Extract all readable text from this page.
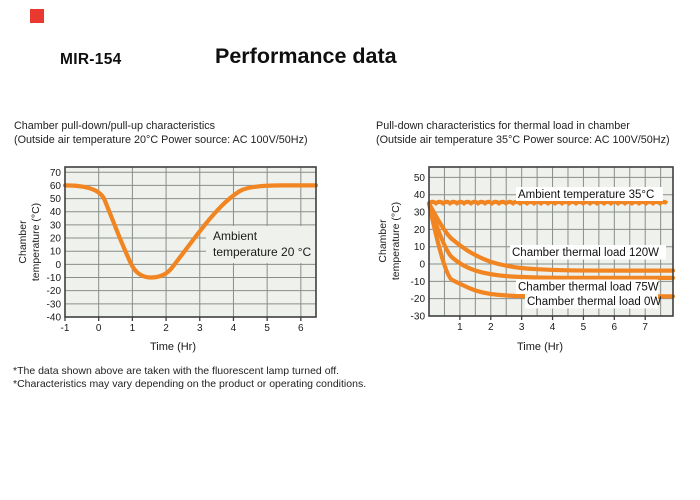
MIR-154	Performance data
Chamber pull-down/pull-up characteristics
(Outside air temperature 20°C Power source: AC 100V/50Hz)
Pull-down characteristics for thermal load in chamber
(Outside air temperature 35°C Power source: AC 100V/50Hz)
Ambient
temperature 20 °C
-1	0	1	2	3	4	5	6
70
60
50
40
30
20
10
0
-10
-20
-30
-40
Time (Hr)
Chambertemperature (°C)
Ambient temperature 35°C
Chamber thermal load 120W
Chamber thermal load 75W
Chamber thermal load 0W
1	2	3	4	5	6	7
50
40
30
20
10
0
-10
-20
-30
Time (Hr)
Chambertemperature (°C)
*The data shown above are taken with the fluorescent lamp turned off.
*Characteristics may vary depending on the product or operating conditions.
